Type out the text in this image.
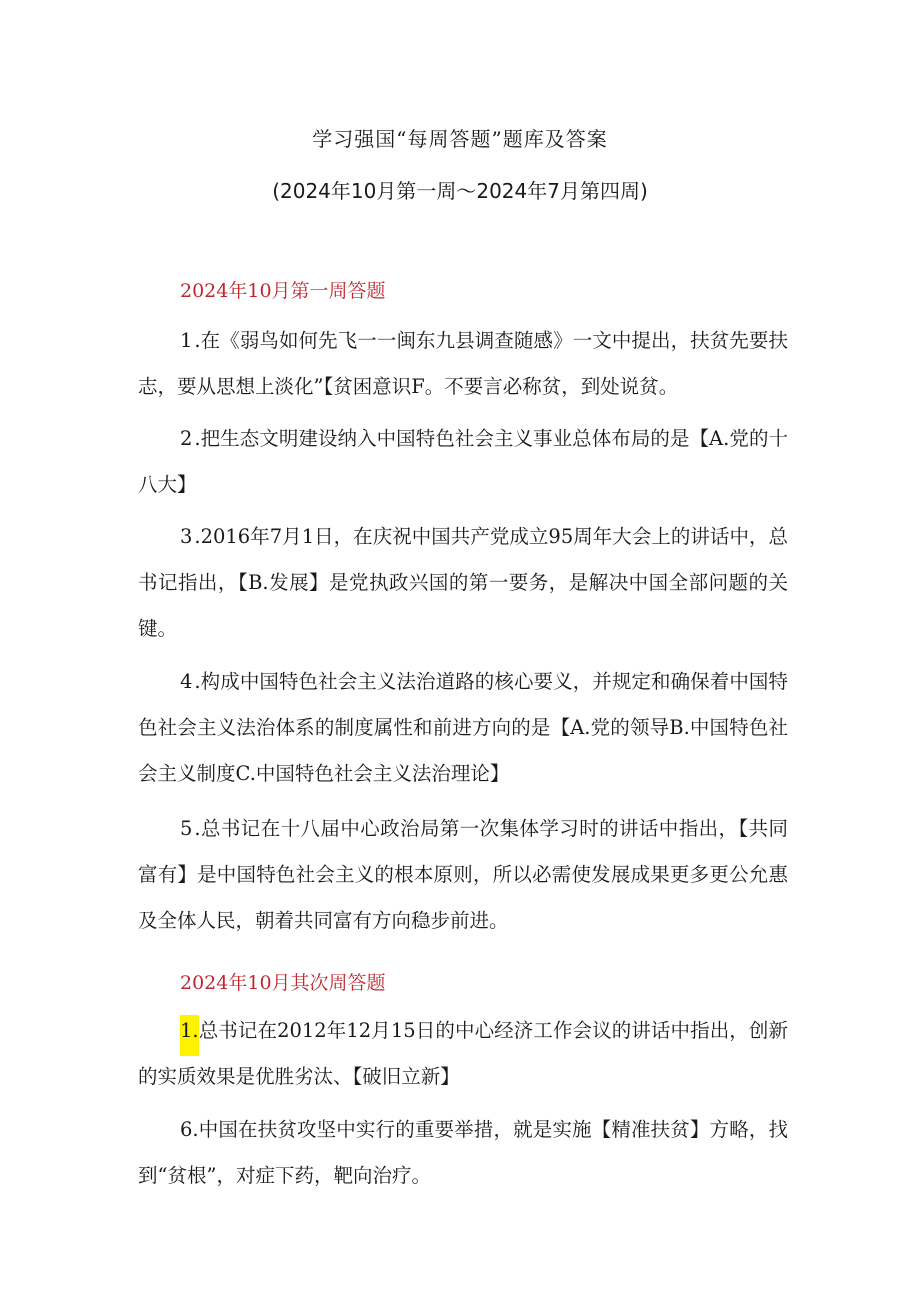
学习强国“每周答题”题库及答案
(2024年10月第一周〜2024年7月第四周)
2024年10月第一周答题

1  .在《弱鸟如何先飞一一闽东九县调查随感》一文中提出，扶贫先要扶志，要从思想上淡化”【贫困意识F。不要言必称贫，到处说贫。

2  .把生态文明建设纳入中国特色社会主义事业总体布局的是【A.党的十八大】

3  .2016年7月1日，在庆祝中国共产党成立95周年大会上的讲话中，总书记指出，【B.发展】是党执政兴国的第一要务，是解决中国全部问题的关键。

4  .构成中国特色社会主义法治道路的核心要义，并规定和确保着中国特色社会主义法治体系的制度属性和前进方向的是【A.党的领导B.中国特色社会主义制度C.中国特色社会主义法治理论】

5  .总书记在十八届中心政治局第一次集体学习时的讲话中指出，【共同富有】是中国特色社会主义的根本原则，所以必需使发展成果更多更公允惠及全体人民，朝着共同富有方向稳步前进。

2024年10月其次周答题

1.总书记在2012年12月15日的中心经济工作会议的讲话中指出，创新的实质效果是优胜劣汰、【破旧立新】

6.中国在扶贫攻坚中实行的重要举措，就是实施【精准扶贫】方略，找到“贫根”，对症下药，靶向治疗。
